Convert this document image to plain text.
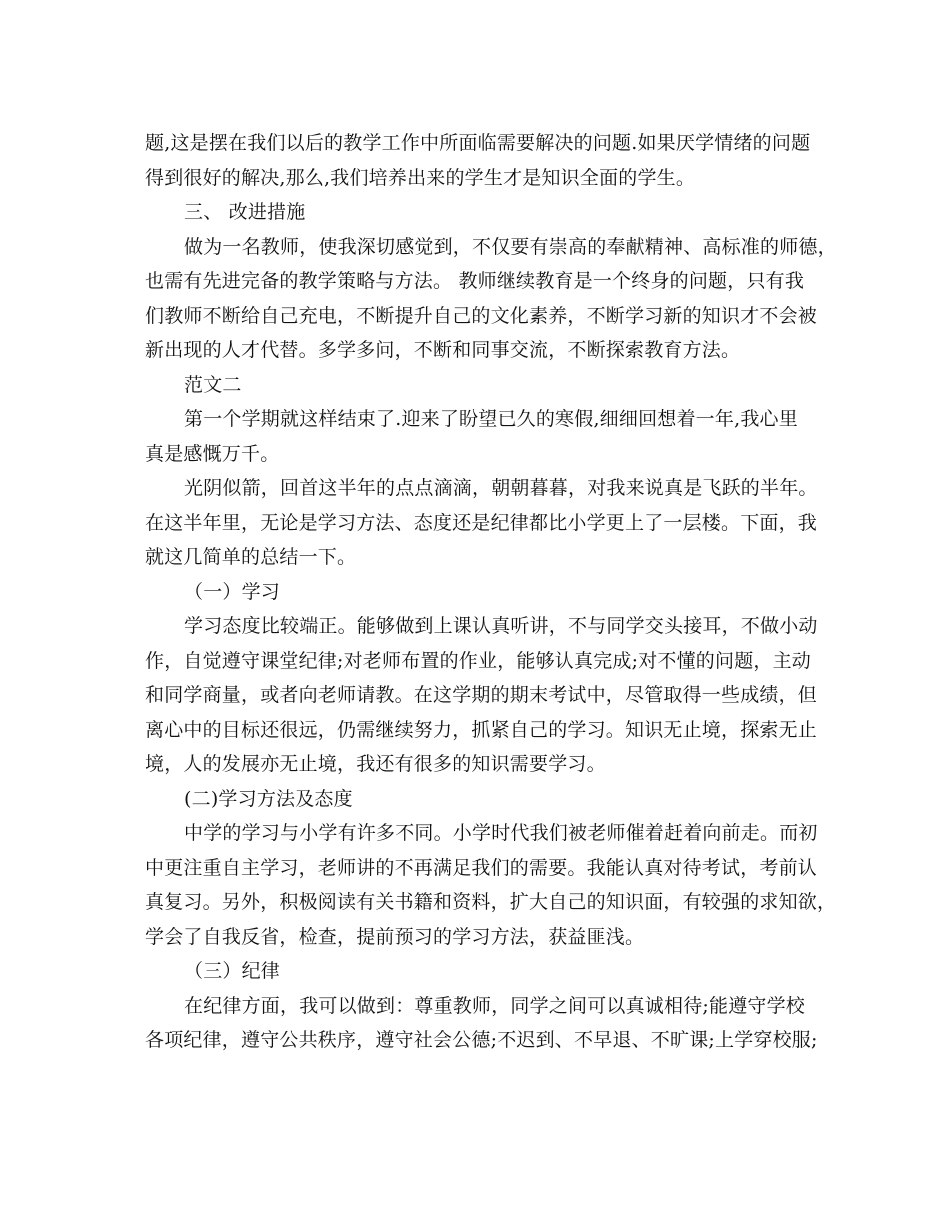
题,这是摆在我们以后的教学工作中所面临需要解决的问题.如果厌学情绪的问题
得到很好的解决,那么,我们培养出来的学生才是知识全面的学生。
三、 改进措施
做为一名教师，使我深切感觉到，不仅要有崇高的奉献精神、高标准的师德，
也需有先进完备的教学策略与方法。 教师继续教育是一个终身的问题，只有我
们教师不断给自己充电，不断提升自己的文化素养，不断学习新的知识才不会被
新出现的人才代替。多学多问，不断和同事交流，不断探索教育方法。
范文二
第一个学期就这样结束了.迎来了盼望已久的寒假,细细回想着一年,我心里
真是感慨万千。
光阴似箭，回首这半年的点点滴滴，朝朝暮暮，对我来说真是飞跃的半年。
在这半年里，无论是学习方法、态度还是纪律都比小学更上了一层楼。下面，我
就这几简单的总结一下。
（一）学习
学习态度比较端正。能够做到上课认真听讲，不与同学交头接耳，不做小动
作，自觉遵守课堂纪律;对老师布置的作业，能够认真完成;对不懂的问题，主动
和同学商量，或者向老师请教。在这学期的期末考试中，尽管取得一些成绩，但
离心中的目标还很远，仍需继续努力，抓紧自己的学习。知识无止境，探索无止
境，人的发展亦无止境，我还有很多的知识需要学习。
(二)学习方法及态度
中学的学习与小学有许多不同。小学时代我们被老师催着赶着向前走。而初
中更注重自主学习，老师讲的不再满足我们的需要。我能认真对待考试，考前认
真复习。另外，积极阅读有关书籍和资料，扩大自己的知识面，有较强的求知欲，
学会了自我反省，检查，提前预习的学习方法，获益匪浅。
（三）纪律
在纪律方面，我可以做到：尊重教师，同学之间可以真诚相待;能遵守学校
各项纪律，遵守公共秩序，遵守社会公德;不迟到、不早退、不旷课;上学穿校服;
